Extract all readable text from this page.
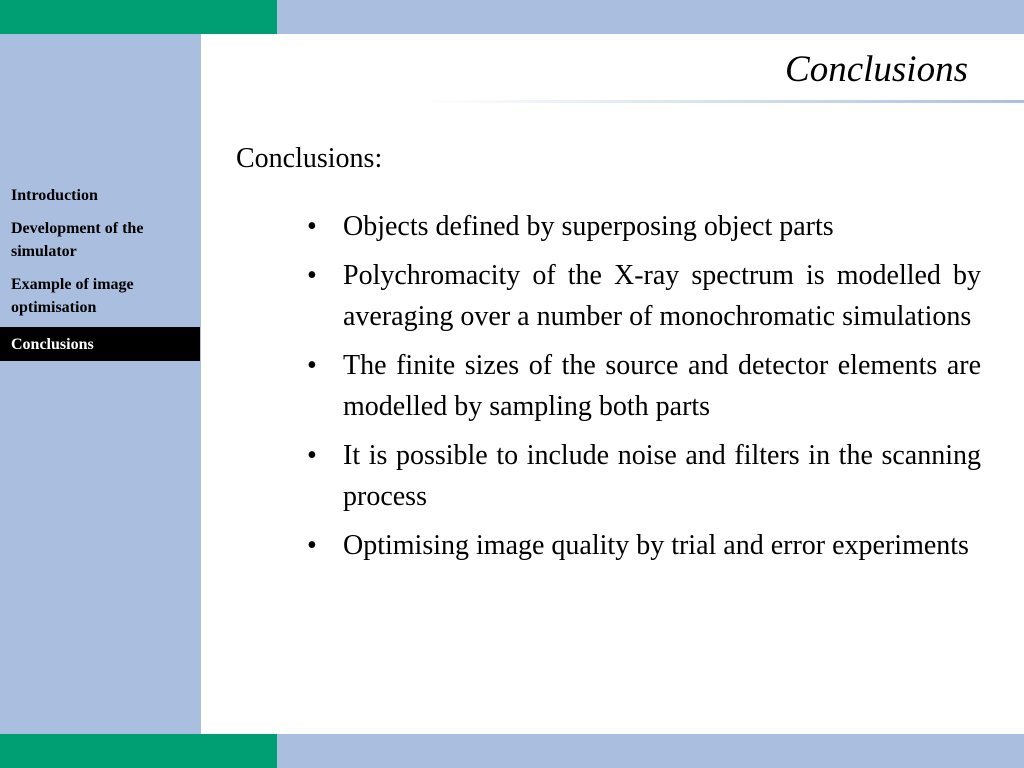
Introduction
Development of the simulator
Example of image optimisation
Conclusions
Conclusions
Conclusions:
• Objects defined by superposing object parts
• Polychromacity of the X-ray spectrum is modelled by averaging over a number of monochromatic simulations
• The finite sizes of the source and detector elements are modelled by sampling both parts
• It is possible to include noise and filters in the scanning process
• Optimising image quality by trial and error experiments
